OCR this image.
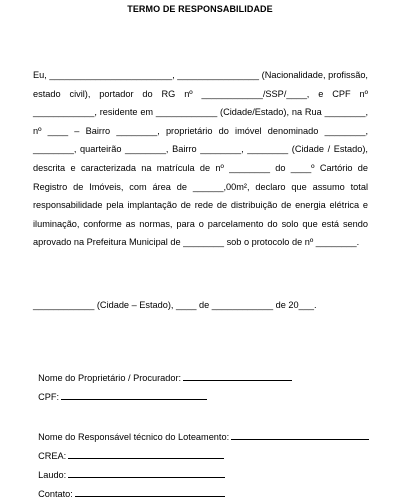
TERMO DE RESPONSABILIDADE

Eu, ________________________, ________________ (Nacionalidade, profissão, estado civil), portador do RG nº ____________/SSP/____, e CPF nº ____________, residente em ____________ (Cidade/Estado), na Rua ________, nº ____ – Bairro ________, proprietário do imóvel denominado ________, ________, quarteirão ________, Bairro ________, ________ (Cidade / Estado), descrita e caracterizada na matrícula de nº ________ do ____º Cartório de Registro de Imóveis, com área de ______,00m², declaro que assumo total responsabilidade pela implantação de rede de distribuição de energia elétrica e iluminação, conforme as normas, para o parcelamento do solo que está sendo aprovado na Prefeitura Municipal de ________ sob o protocolo de nº ________.

____________ (Cidade – Estado), ____ de ____________ de 20___.

Nome do Proprietário / Procurador:

CPF:

Nome do Responsável técnico do Loteamento:

CREA:

Laudo:

Contato:
